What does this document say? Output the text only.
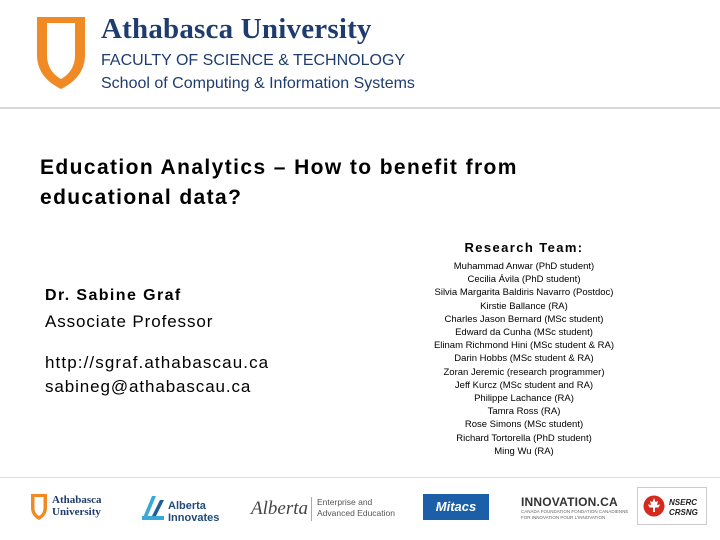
Athabasca University
FACULTY OF SCIENCE & TECHNOLOGY
School of Computing & Information Systems
Education Analytics – How to benefit from
educational data?
Dr. Sabine Graf
Associate Professor
http://sgraf.athabascau.ca
sabineg@athabascau.ca
Research Team:
Muhammad Anwar (PhD student)
Cecilia Ávila (PhD student)
Silvia Margarita Baldiris Navarro (Postdoc)
Kirstie Ballance (RA)
Charles Jason Bernard (MSc student)
Edward da Cunha (MSc student)
Elinam Richmond Hini (MSc student & RA)
Darin Hobbs (MSc student & RA)
Zoran Jeremic (research programmer)
Jeff Kurcz (MSc student and RA)
Philippe Lachance (RA)
Tamra Ross (RA)
Rose Simons (MSc student)
Richard Tortorella (PhD student)
Ming Wu (RA)
Athabasca
University	Alberta
Innovates Alberta Enterprise and
Advanced Education	Mitacs	INNOVATION.CA
CANADA FOUNDATION FONDATION CANADIENNE
FOR INNOVATION POUR L'INNOVATION
NSERC
CRSNG
